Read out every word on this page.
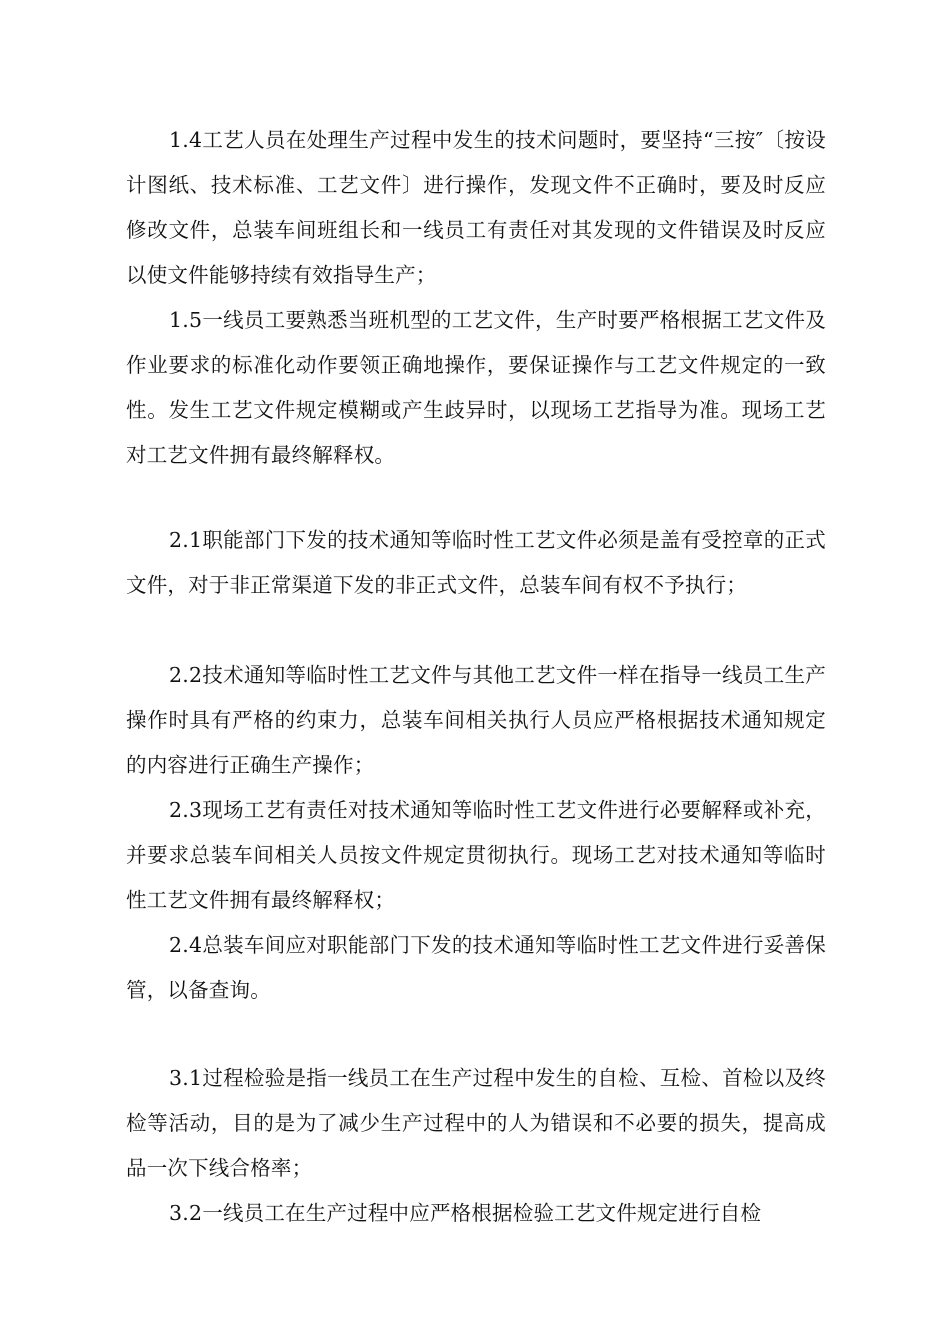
1.4工艺人员在处理生产过程中发生的技术问题时，要坚持“三按″〔按设计图纸、技术标准、工艺文件〕进行操作，发现文件不正确时，要及时反应修改文件，总装车间班组长和一线员工有责任对其发现的文件错误及时反应以使文件能够持续有效指导生产；

1.5一线员工要熟悉当班机型的工艺文件，生产时要严格根据工艺文件及作业要求的标准化动作要领正确地操作，要保证操作与工艺文件规定的一致性。发生工艺文件规定模糊或产生歧异时，以现场工艺指导为准。现场工艺对工艺文件拥有最终解释权。

2.1职能部门下发的技术通知等临时性工艺文件必须是盖有受控章的正式文件，对于非正常渠道下发的非正式文件，总装车间有权不予执行；

2.2技术通知等临时性工艺文件与其他工艺文件一样在指导一线员工生产操作时具有严格的约束力，总装车间相关执行人员应严格根据技术通知规定的内容进行正确生产操作；

2.3现场工艺有责任对技术通知等临时性工艺文件进行必要解释或补充，并要求总装车间相关人员按文件规定贯彻执行。现场工艺对技术通知等临时性工艺文件拥有最终解释权；

2.4总装车间应对职能部门下发的技术通知等临时性工艺文件进行妥善保管，以备查询。

3.1过程检验是指一线员工在生产过程中发生的自检、互检、首检以及终检等活动，目的是为了减少生产过程中的人为错误和不必要的损失，提高成品一次下线合格率；

3.2一线员工在生产过程中应严格根据检验工艺文件规定进行自检
